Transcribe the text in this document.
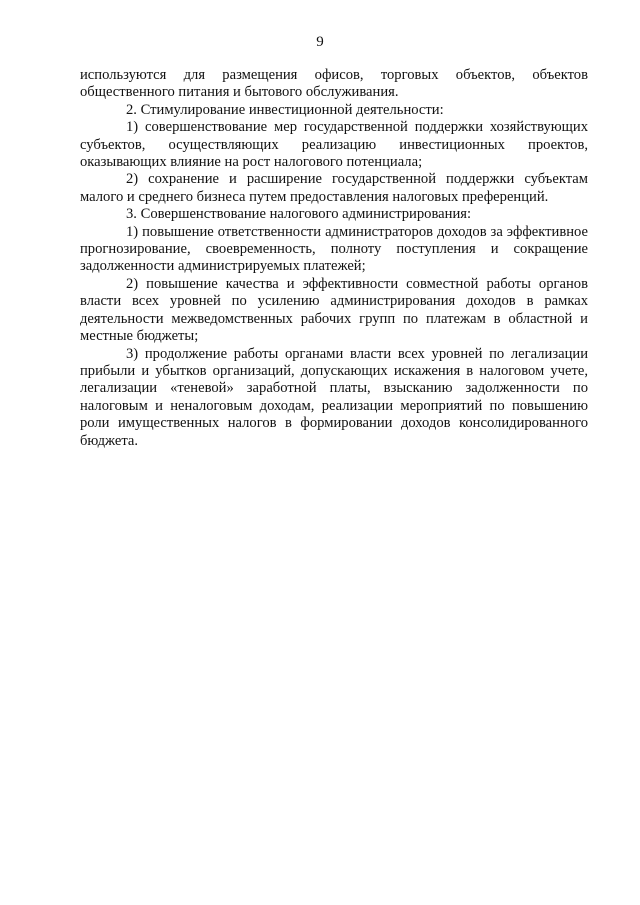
9

используются для размещения офисов, торговых объектов, объектов общественного питания и бытового обслуживания.

2. Стимулирование инвестиционной деятельности:

1) совершенствование мер государственной поддержки хозяйствующих субъектов, осуществляющих реализацию инвестиционных проектов, оказывающих влияние на рост налогового потенциала;

2) сохранение и расширение государственной поддержки субъектам малого и среднего бизнеса путем предоставления налоговых преференций.

3. Совершенствование налогового администрирования:

1) повышение ответственности администраторов доходов за эффективное прогнозирование, своевременность, полноту поступления и сокращение задолженности администрируемых платежей;

2) повышение качества и эффективности совместной работы органов власти всех уровней по усилению администрирования доходов в рамках деятельности межведомственных рабочих групп по платежам в областной и местные бюджеты;

3) продолжение работы органами власти всех уровней по легализации прибыли и убытков организаций, допускающих искажения в налоговом учете, легализации «теневой» заработной платы, взысканию задолженности по налоговым и неналоговым доходам, реализации мероприятий по повышению роли имущественных налогов в формировании доходов консолидированного бюджета.
